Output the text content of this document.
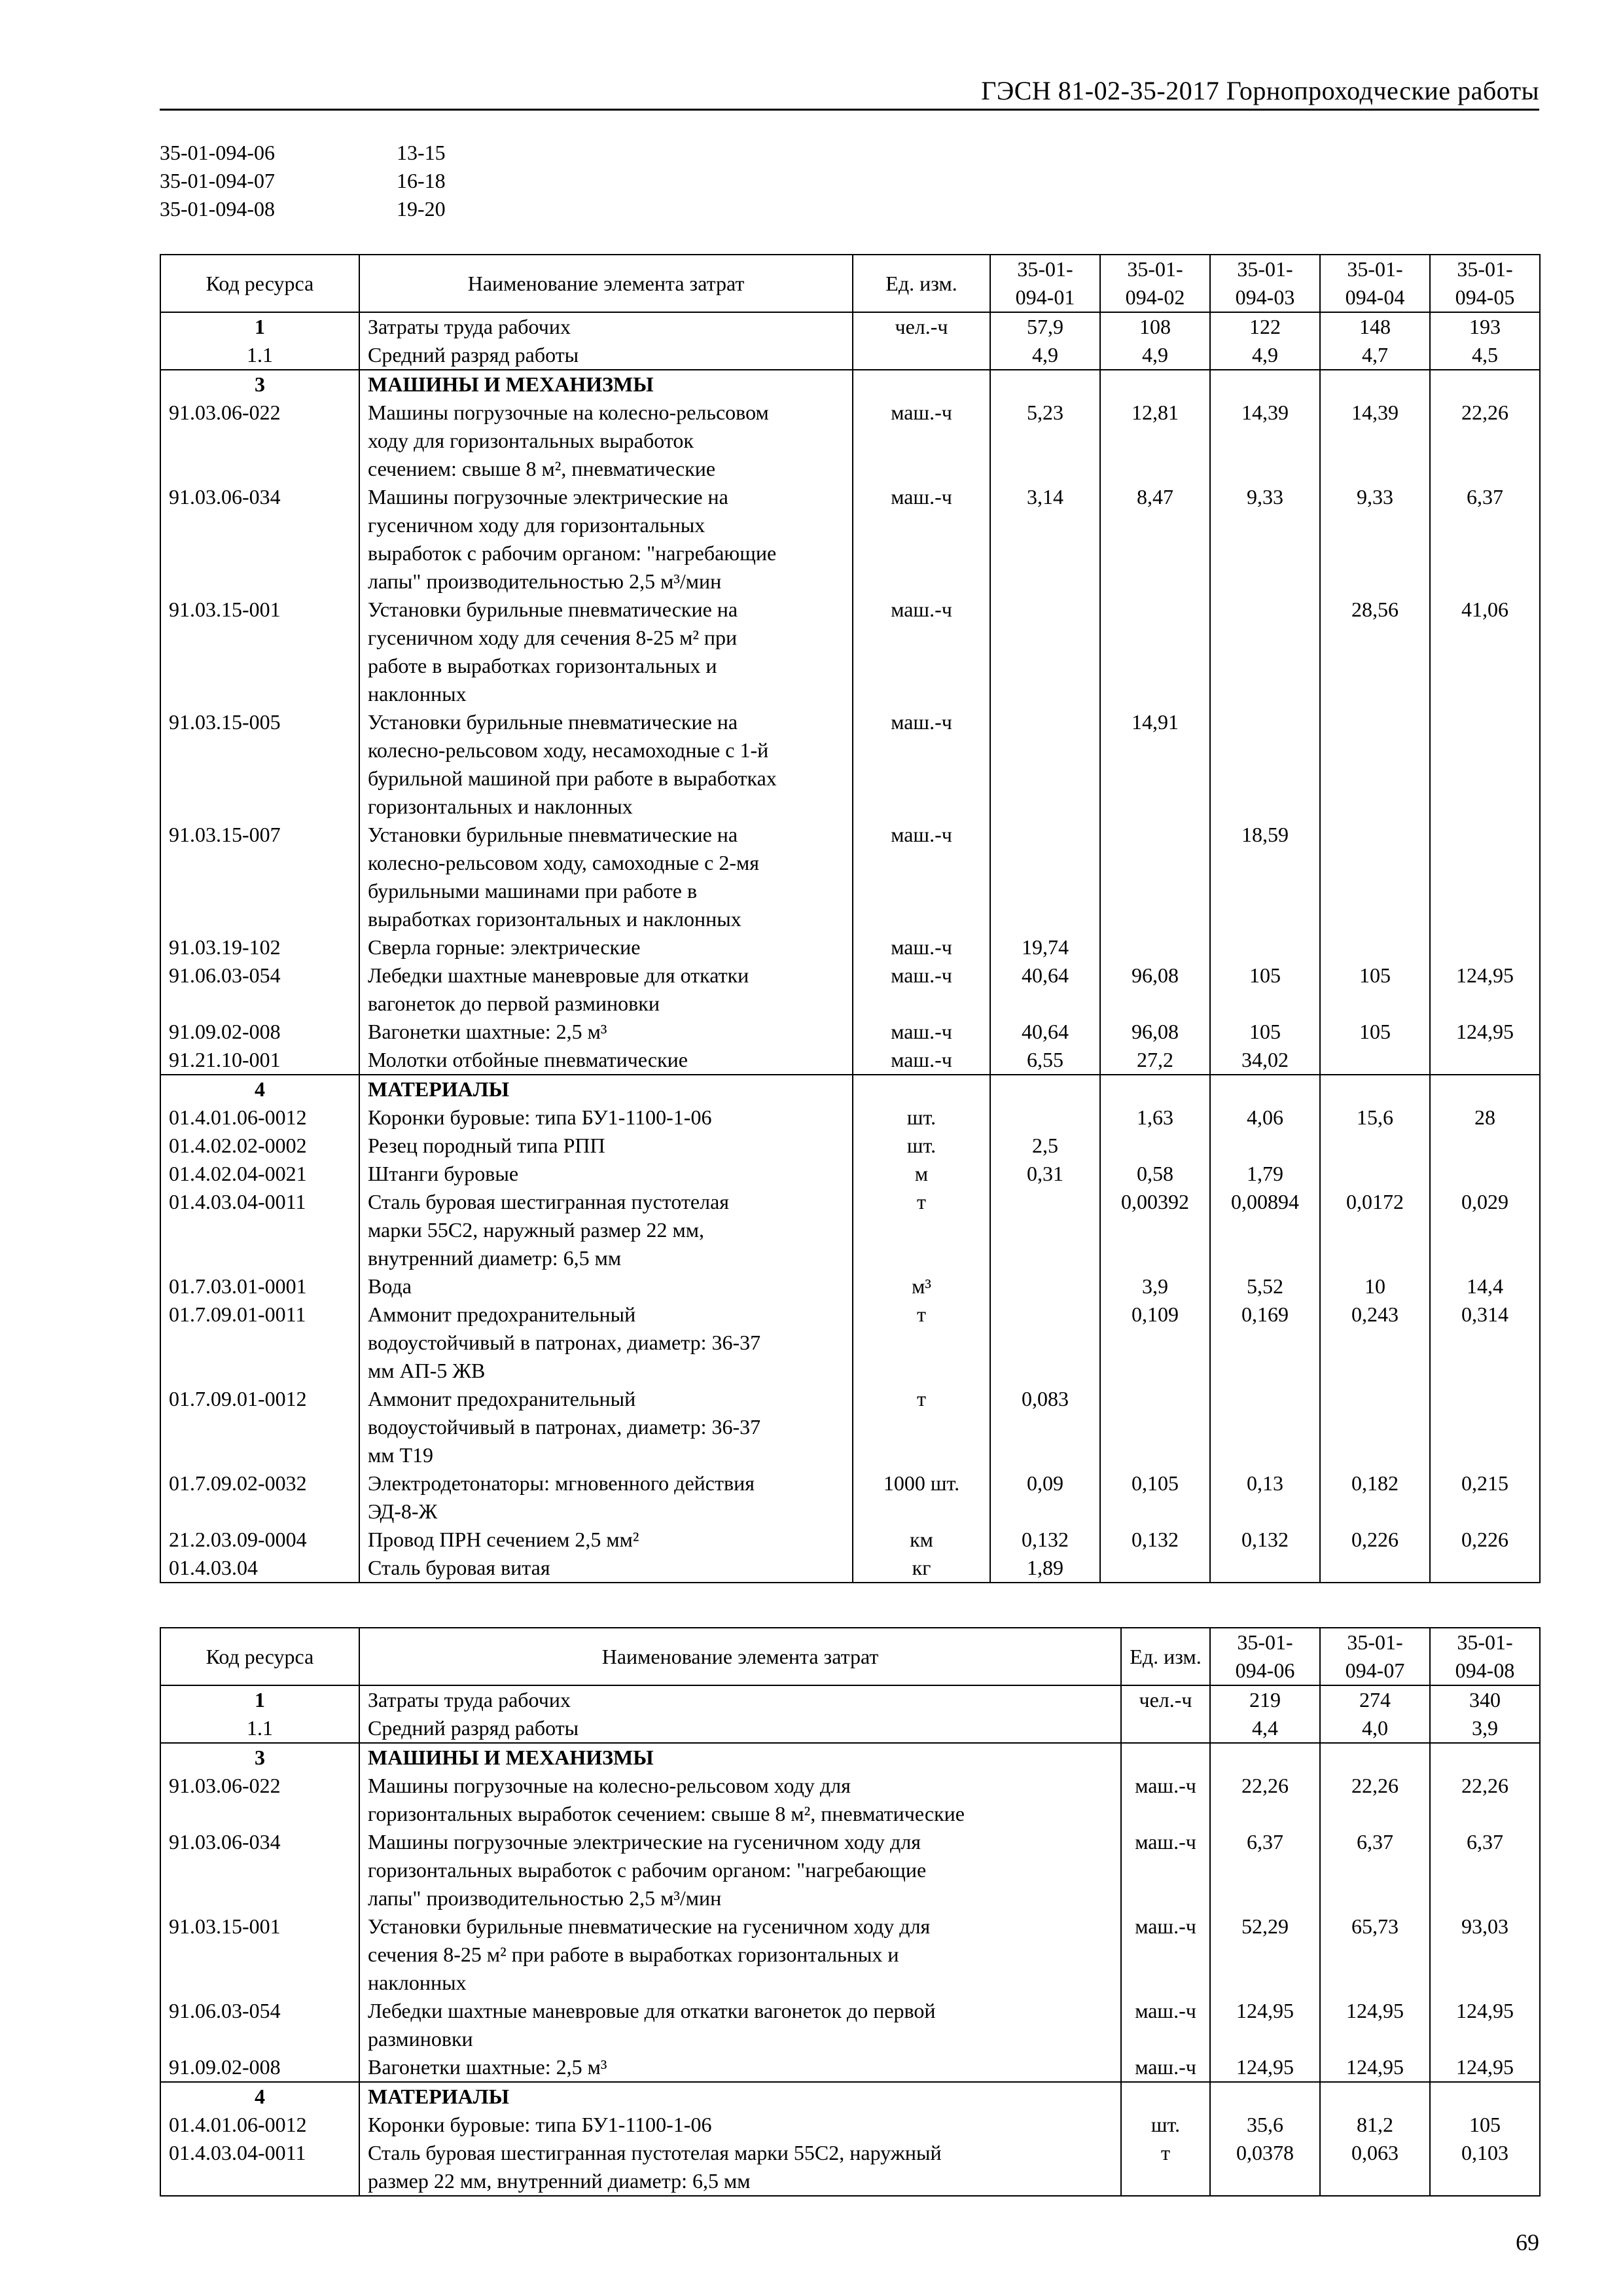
ГЭСН 81-02-35-2017 Горнопроходческие работы
35-01-094-06	13-15
35-01-094-07	16-18
35-01-094-08	19-20
Код ресурса	Наименование элемента затрат	Ед. изм.	35-01-
094-01	35-01-
094-02	35-01-
094-03	35-01-
094-04	35-01-
094-05
1	Затраты труда рабочих	чел.-ч	57,9	108	122	148	193
1.1	Средний разряд работы		4,9	4,9	4,9	4,7	4,5
3	МАШИНЫ И МЕХАНИЗМЫ						
91.03.06-022	Машины погрузочные на колесно-рельсовом
ходу для горизонтальных выработок
сечением: свыше 8 м², пневматические	маш.-ч	5,23	12,81	14,39	14,39	22,26
91.03.06-034	Машины погрузочные электрические на
гусеничном ходу для горизонтальных
выработок с рабочим органом: "нагребающие
лапы" производительностью 2,5 м³/мин	маш.-ч	3,14	8,47	9,33	9,33	6,37
91.03.15-001	Установки бурильные пневматические на
гусеничном ходу для сечения 8-25 м² при
работе в выработках горизонтальных и
наклонных	маш.-ч				28,56	41,06
91.03.15-005	Установки бурильные пневматические на
колесно-рельсовом ходу, несамоходные с 1-й
бурильной машиной при работе в выработках
горизонтальных и наклонных	маш.-ч		14,91			
91.03.15-007	Установки бурильные пневматические на
колесно-рельсовом ходу, самоходные с 2-мя
бурильными машинами при работе в
выработках горизонтальных и наклонных	маш.-ч			18,59		
91.03.19-102	Сверла горные: электрические	маш.-ч	19,74				
91.06.03-054	Лебедки шахтные маневровые для откатки
вагонеток до первой разминовки	маш.-ч	40,64	96,08	105	105	124,95
91.09.02-008	Вагонетки шахтные: 2,5 м³	маш.-ч	40,64	96,08	105	105	124,95
91.21.10-001	Молотки отбойные пневматические	маш.-ч	6,55	27,2	34,02		
4	МАТЕРИАЛЫ						
01.4.01.06-0012	Коронки буровые: типа БУ1-1100-1-06	шт.		1,63	4,06	15,6	28
01.4.02.02-0002	Резец породный типа РПП	шт.	2,5				
01.4.02.04-0021	Штанги буровые	м	0,31	0,58	1,79		
01.4.03.04-0011	Сталь буровая шестигранная пустотелая
марки 55С2, наружный размер 22 мм,
внутренний диаметр: 6,5 мм	т		0,00392	0,00894	0,0172	0,029
01.7.03.01-0001	Вода	м³		3,9	5,52	10	14,4
01.7.09.01-0011	Аммонит предохранительный
водоустойчивый в патронах, диаметр: 36-37
мм АП-5 ЖВ	т		0,109	0,169	0,243	0,314
01.7.09.01-0012	Аммонит предохранительный
водоустойчивый в патронах, диаметр: 36-37
мм Т19	т	0,083				
01.7.09.02-0032	Электродетонаторы: мгновенного действия
ЭД-8-Ж	1000 шт.	0,09	0,105	0,13	0,182	0,215
21.2.03.09-0004	Провод ПРН сечением 2,5 мм²	км	0,132	0,132	0,132	0,226	0,226
01.4.03.04	Сталь буровая витая	кг	1,89				
Код ресурса	Наименование элемента затрат	Ед. изм.	35-01-
094-06	35-01-
094-07	35-01-
094-08
1	Затраты труда рабочих	чел.-ч	219	274	340
1.1	Средний разряд работы		4,4	4,0	3,9
3	МАШИНЫ И МЕХАНИЗМЫ				
91.03.06-022	Машины погрузочные на колесно-рельсовом ходу для
горизонтальных выработок сечением: свыше 8 м², пневматические	маш.-ч	22,26	22,26	22,26
91.03.06-034	Машины погрузочные электрические на гусеничном ходу для
горизонтальных выработок с рабочим органом: "нагребающие
лапы" производительностью 2,5 м³/мин	маш.-ч	6,37	6,37	6,37
91.03.15-001	Установки бурильные пневматические на гусеничном ходу для
сечения 8-25 м² при работе в выработках горизонтальных и
наклонных	маш.-ч	52,29	65,73	93,03
91.06.03-054	Лебедки шахтные маневровые для откатки вагонеток до первой
разминовки	маш.-ч	124,95	124,95	124,95
91.09.02-008	Вагонетки шахтные: 2,5 м³	маш.-ч	124,95	124,95	124,95
4	МАТЕРИАЛЫ				
01.4.01.06-0012	Коронки буровые: типа БУ1-1100-1-06	шт.	35,6	81,2	105
01.4.03.04-0011	Сталь буровая шестигранная пустотелая марки 55С2, наружный
размер 22 мм, внутренний диаметр: 6,5 мм	т	0,0378	0,063	0,103
69
